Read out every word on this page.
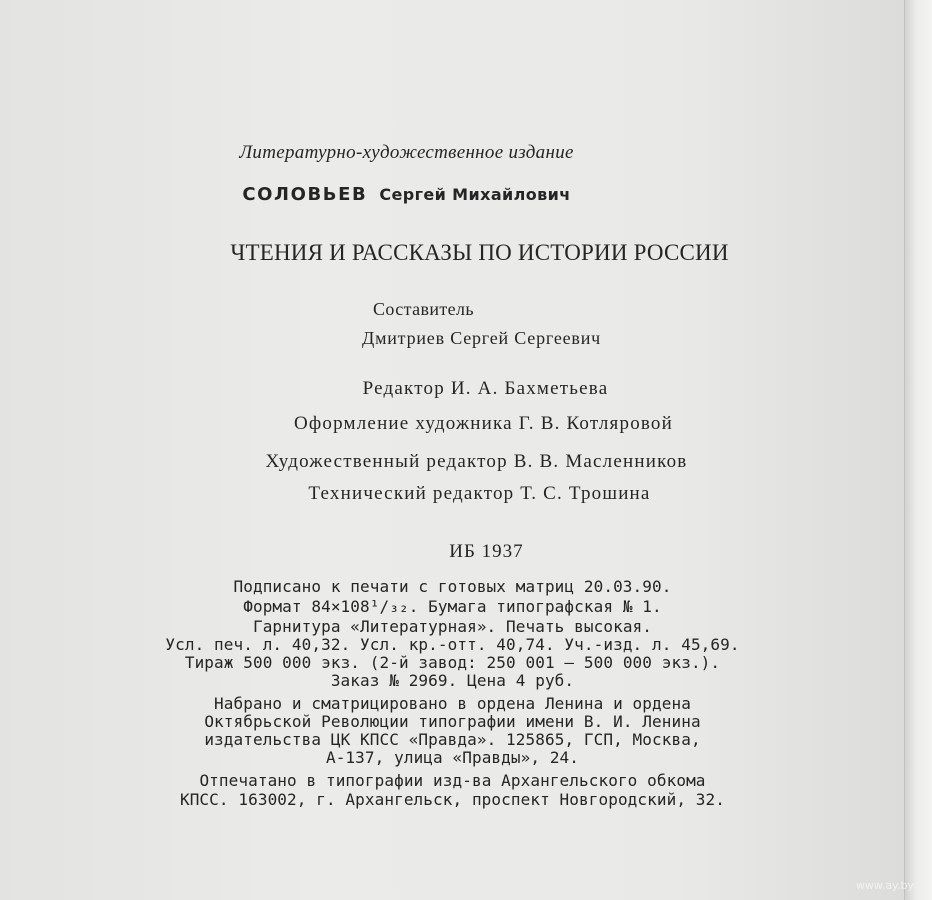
Литературно-художественное издание
СОЛОВЬЕВ Сергей Михайлович
ЧТЕНИЯ И РАССКАЗЫ ПО ИСТОРИИ РОССИИ
Составитель
Дмитриев Сергей Сергеевич
Редактор И. А. Бахметьева
Оформление художника Г. В. Котляровой
Художественный редактор В. В. Масленников
Технический редактор Т. С. Трошина
ИБ 1937
Подписано к печати с готовых матриц 20.03.90.
Формат 84×108¹/₃₂. Бумага типографская № 1.
Гарнитура «Литературная». Печать высокая.
Усл. печ. л. 40,32. Усл. кр.-отт. 40,74. Уч.-изд. л. 45,69.
Тираж 500 000 экз. (2-й завод: 250 001 — 500 000 экз.).
Заказ № 2969. Цена 4 руб.
Набрано и сматрицировано в ордена Ленина и ордена
Октябрьской Революции типографии имени В. И. Ленина
издательства ЦК КПСС «Правда». 125865, ГСП, Москва,
А-137, улица «Правды», 24.
Отпечатано в типографии изд-ва Архангельского обкома
КПСС. 163002, г. Архангельск, проспект Новгородский, 32.
www.ay.by
